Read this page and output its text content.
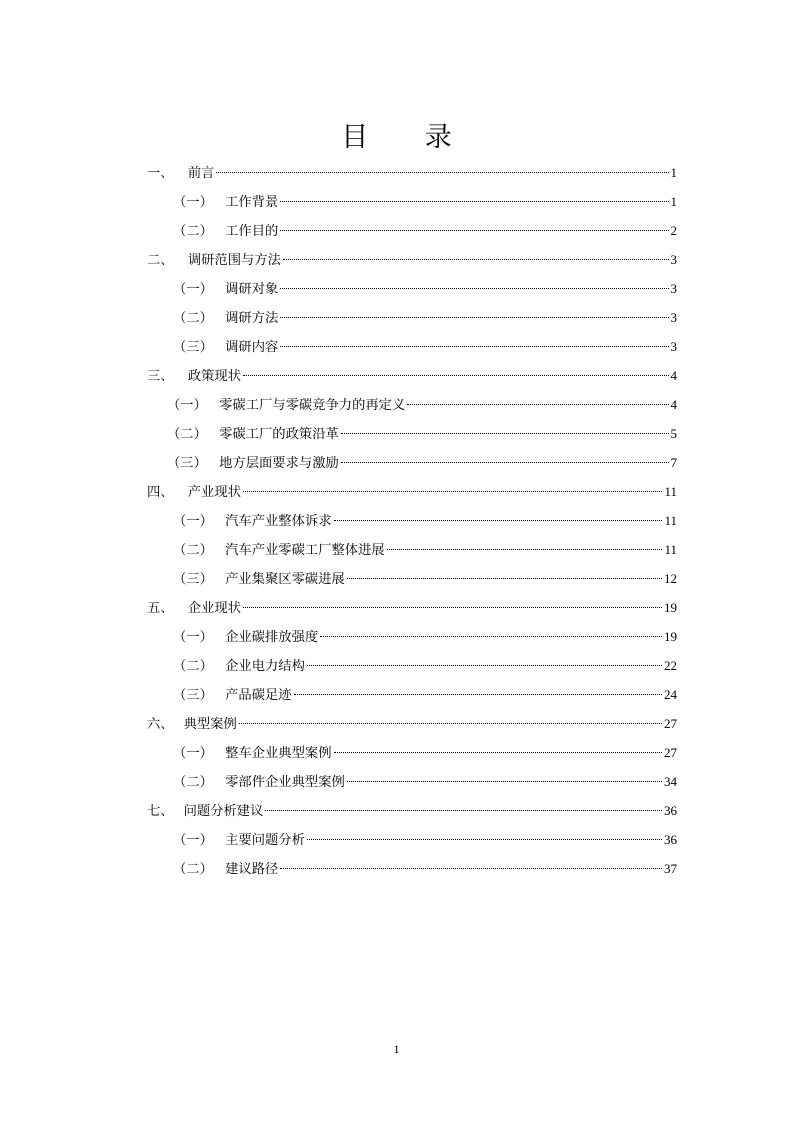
目 录
一、 前言	1
（一） 工作背景	1
（二） 工作目的	2
二、 调研范围与方法	3
（一） 调研对象	3
（二） 调研方法	3
（三） 调研内容	3
三、 政策现状	4
（一） 零碳工厂与零碳竞争力的再定义	4
（二） 零碳工厂的政策沿革	5
（三） 地方层面要求与激励	7
四、 产业现状	11
（一） 汽车产业整体诉求	11
（二） 汽车产业零碳工厂整体进展	11
（三） 产业集聚区零碳进展	12
五、 企业现状	19
（一） 企业碳排放强度	19
（二） 企业电力结构	22
（三） 产品碳足迹	24
六、 典型案例	27
（一） 整车企业典型案例	27
（二） 零部件企业典型案例	34
七、 问题分析建议	36
（一） 主要问题分析	36
（二） 建议路径	37
1
